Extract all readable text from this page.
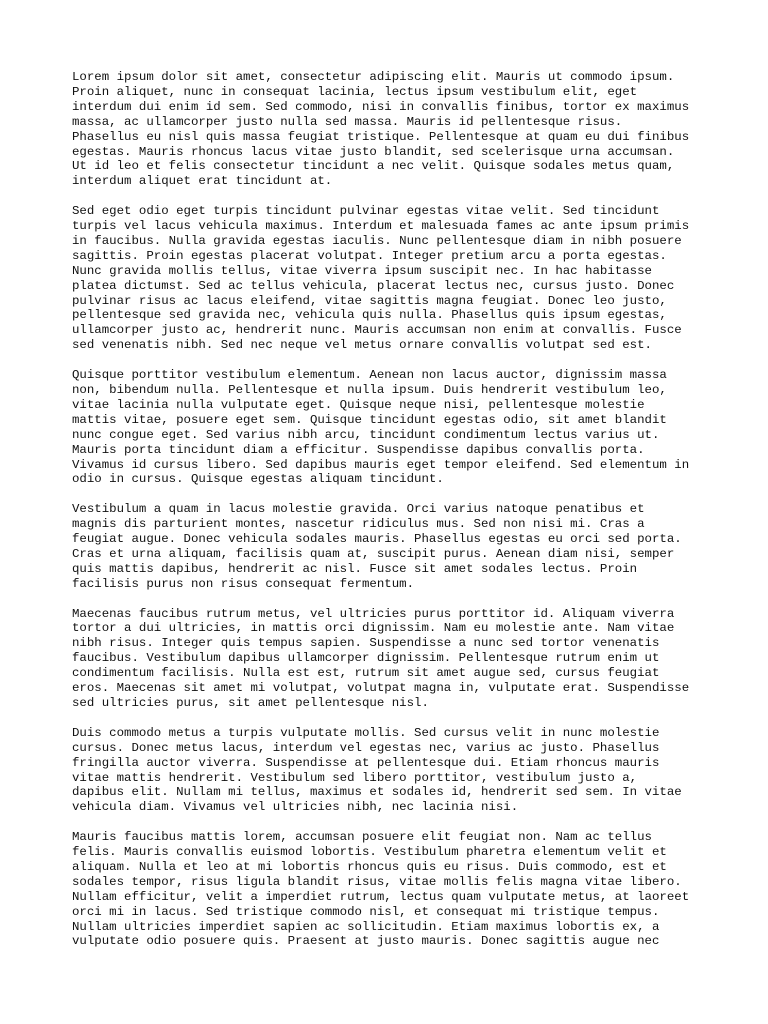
Lorem ipsum dolor sit amet, consectetur adipiscing elit. Mauris ut commodo ipsum.
Proin aliquet, nunc in consequat lacinia, lectus ipsum vestibulum elit, eget
interdum dui enim id sem. Sed commodo, nisi in convallis finibus, tortor ex maximus
massa, ac ullamcorper justo nulla sed massa. Mauris id pellentesque risus.
Phasellus eu nisl quis massa feugiat tristique. Pellentesque at quam eu dui finibus
egestas. Mauris rhoncus lacus vitae justo blandit, sed scelerisque urna accumsan.
Ut id leo et felis consectetur tincidunt a nec velit. Quisque sodales metus quam,
interdum aliquet erat tincidunt at.

Sed eget odio eget turpis tincidunt pulvinar egestas vitae velit. Sed tincidunt
turpis vel lacus vehicula maximus. Interdum et malesuada fames ac ante ipsum primis
in faucibus. Nulla gravida egestas iaculis. Nunc pellentesque diam in nibh posuere
sagittis. Proin egestas placerat volutpat. Integer pretium arcu a porta egestas.
Nunc gravida mollis tellus, vitae viverra ipsum suscipit nec. In hac habitasse
platea dictumst. Sed ac tellus vehicula, placerat lectus nec, cursus justo. Donec
pulvinar risus ac lacus eleifend, vitae sagittis magna feugiat. Donec leo justo,
pellentesque sed gravida nec, vehicula quis nulla. Phasellus quis ipsum egestas,
ullamcorper justo ac, hendrerit nunc. Mauris accumsan non enim at convallis. Fusce
sed venenatis nibh. Sed nec neque vel metus ornare convallis volutpat sed est.

Quisque porttitor vestibulum elementum. Aenean non lacus auctor, dignissim massa
non, bibendum nulla. Pellentesque et nulla ipsum. Duis hendrerit vestibulum leo,
vitae lacinia nulla vulputate eget. Quisque neque nisi, pellentesque molestie
mattis vitae, posuere eget sem. Quisque tincidunt egestas odio, sit amet blandit
nunc congue eget. Sed varius nibh arcu, tincidunt condimentum lectus varius ut.
Mauris porta tincidunt diam a efficitur. Suspendisse dapibus convallis porta.
Vivamus id cursus libero. Sed dapibus mauris eget tempor eleifend. Sed elementum in
odio in cursus. Quisque egestas aliquam tincidunt.

Vestibulum a quam in lacus molestie gravida. Orci varius natoque penatibus et
magnis dis parturient montes, nascetur ridiculus mus. Sed non nisi mi. Cras a
feugiat augue. Donec vehicula sodales mauris. Phasellus egestas eu orci sed porta.
Cras et urna aliquam, facilisis quam at, suscipit purus. Aenean diam nisi, semper
quis mattis dapibus, hendrerit ac nisl. Fusce sit amet sodales lectus. Proin
facilisis purus non risus consequat fermentum.

Maecenas faucibus rutrum metus, vel ultricies purus porttitor id. Aliquam viverra
tortor a dui ultricies, in mattis orci dignissim. Nam eu molestie ante. Nam vitae
nibh risus. Integer quis tempus sapien. Suspendisse a nunc sed tortor venenatis
faucibus. Vestibulum dapibus ullamcorper dignissim. Pellentesque rutrum enim ut
condimentum facilisis. Nulla est est, rutrum sit amet augue sed, cursus feugiat
eros. Maecenas sit amet mi volutpat, volutpat magna in, vulputate erat. Suspendisse
sed ultricies purus, sit amet pellentesque nisl.

Duis commodo metus a turpis vulputate mollis. Sed cursus velit in nunc molestie
cursus. Donec metus lacus, interdum vel egestas nec, varius ac justo. Phasellus
fringilla auctor viverra. Suspendisse at pellentesque dui. Etiam rhoncus mauris
vitae mattis hendrerit. Vestibulum sed libero porttitor, vestibulum justo a,
dapibus elit. Nullam mi tellus, maximus et sodales id, hendrerit sed sem. In vitae
vehicula diam. Vivamus vel ultricies nibh, nec lacinia nisi.

Mauris faucibus mattis lorem, accumsan posuere elit feugiat non. Nam ac tellus
felis. Mauris convallis euismod lobortis. Vestibulum pharetra elementum velit et
aliquam. Nulla et leo at mi lobortis rhoncus quis eu risus. Duis commodo, est et
sodales tempor, risus ligula blandit risus, vitae mollis felis magna vitae libero.
Nullam efficitur, velit a imperdiet rutrum, lectus quam vulputate metus, at laoreet
orci mi in lacus. Sed tristique commodo nisl, et consequat mi tristique tempus.
Nullam ultricies imperdiet sapien ac sollicitudin. Etiam maximus lobortis ex, a
vulputate odio posuere quis. Praesent at justo mauris. Donec sagittis augue nec
